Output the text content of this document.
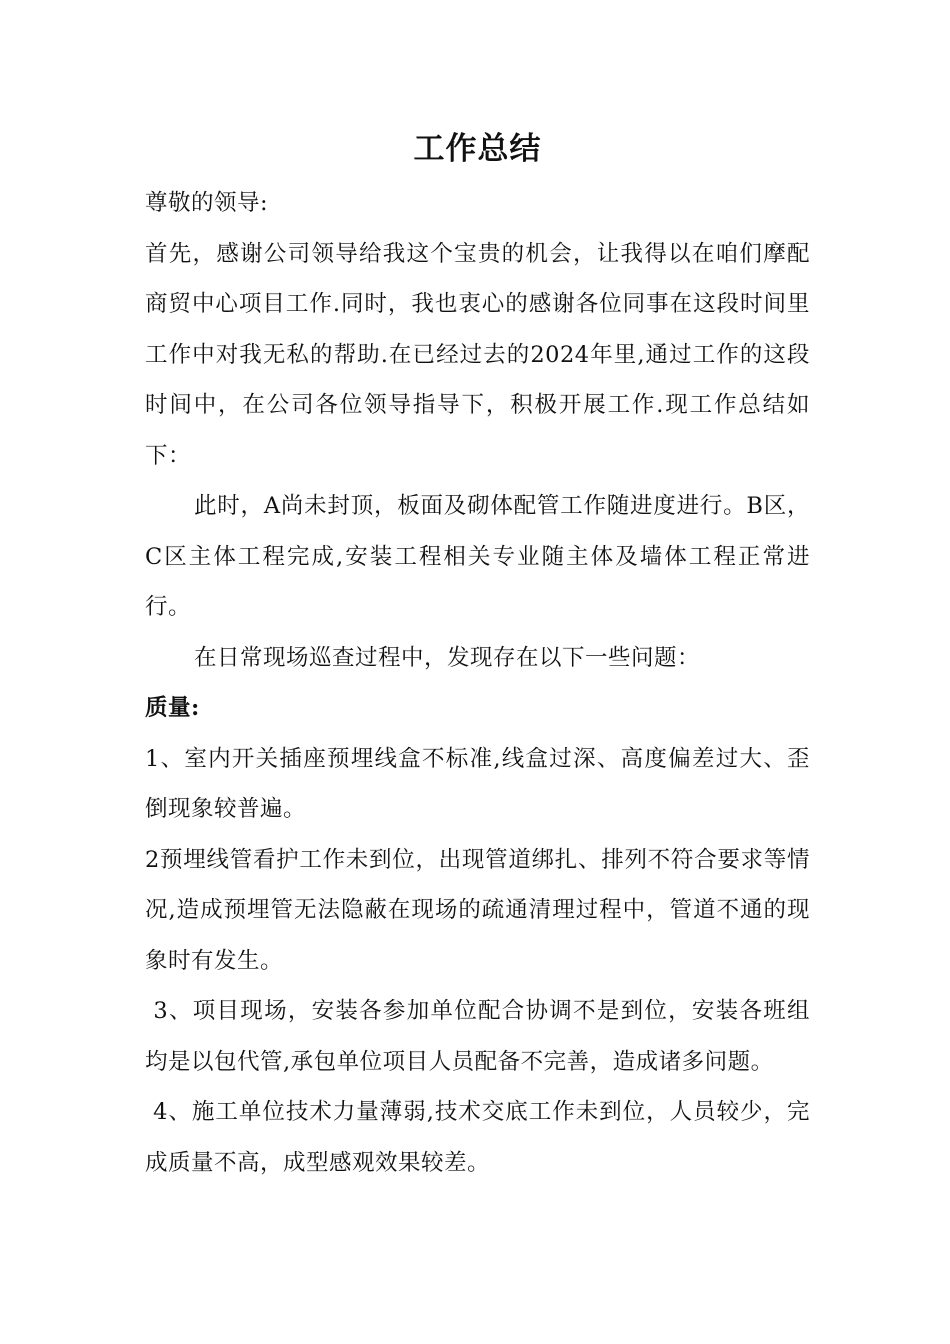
工作总结

尊敬的领导:

首先，感谢公司领导给我这个宝贵的机会，让我得以在咱们摩配商贸中心项目工作.同时，我也衷心的感谢各位同事在这段时间里工作中对我无私的帮助.在已经过去的2024年里,通过工作的这段时间中，在公司各位领导指导下，积极开展工作.现工作总结如下：

此时，A尚未封顶，板面及砌体配管工作随进度进行。B区，C区主体工程完成,安装工程相关专业随主体及墙体工程正常进行。

在日常现场巡查过程中，发现存在以下一些问题：

质量:

1、室内开关插座预埋线盒不标准,线盒过深、高度偏差过大、歪倒现象较普遍。

2预埋线管看护工作未到位，出现管道绑扎、排列不符合要求等情况,造成预埋管无法隐蔽在现场的疏通清理过程中，管道不通的现象时有发生。

3、项目现场，安装各参加单位配合协调不是到位，安装各班组均是以包代管,承包单位项目人员配备不完善，造成诸多问题。

4、施工单位技术力量薄弱,技术交底工作未到位，人员较少，完成质量不高，成型感观效果较差。
